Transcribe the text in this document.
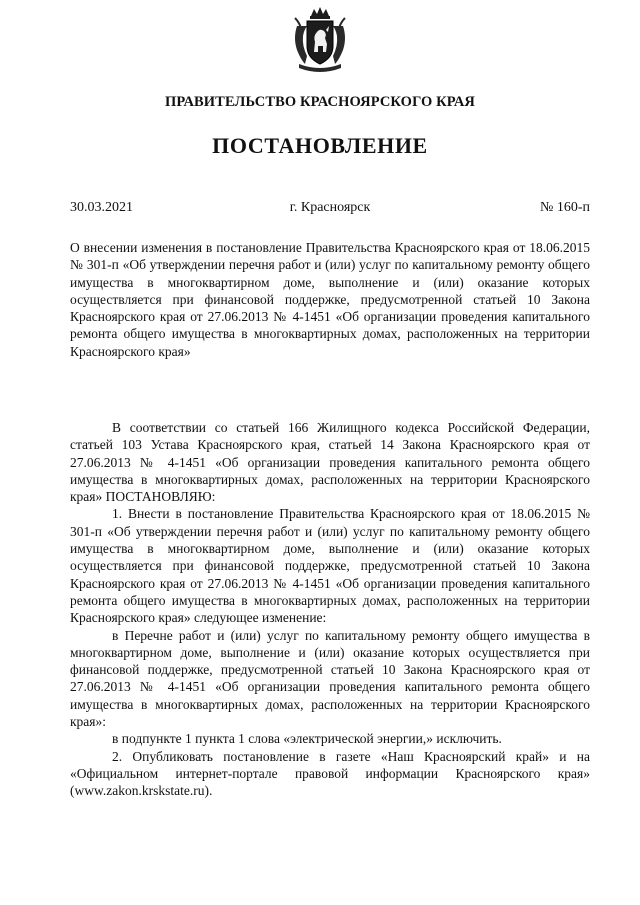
ПРАВИТЕЛЬСТВО КРАСНОЯРСКОГО КРАЯ
ПОСТАНОВЛЕНИЕ
г. Красноярск
30.03.2021	№ 160-п
О внесении изменения в постановление Правительства Красноярского края от 18.06.2015 № 301-п «Об утверждении перечня работ и (или) услуг по капитальному ремонту общего имущества в многоквартирном доме, выполнение и (или) оказание которых осуществляется при финансовой поддержке, предусмотренной статьей 10 Закона Красноярского края от 27.06.2013 № 4-1451 «Об организации проведения капитального ремонта общего имущества в многоквартирных домах, расположенных на территории Красноярского края»

В соответствии со статьей 166 Жилищного кодекса Российской Федерации, статьей 103 Устава Красноярского края, статьей 14 Закона Красноярского края от 27.06.2013 № 4-1451 «Об организации проведения капитального ремонта общего имущества в многоквартирных домах, расположенных на территории Красноярского края» ПОСТАНОВЛЯЮ:

1. Внести в постановление Правительства Красноярского края от 18.06.2015 № 301-п «Об утверждении перечня работ и (или) услуг по капитальному ремонту общего имущества в многоквартирном доме, выполнение и (или) оказание которых осуществляется при финансовой поддержке, предусмотренной статьей 10 Закона Красноярского края от 27.06.2013 № 4-1451 «Об организации проведения капитального ремонта общего имущества в многоквартирных домах, расположенных на территории Красноярского края» следующее изменение:

в Перечне работ и (или) услуг по капитальному ремонту общего имущества в многоквартирном доме, выполнение и (или) оказание которых осуществляется при финансовой поддержке, предусмотренной статьей 10 Закона Красноярского края от 27.06.2013 № 4-1451 «Об организации проведения капитального ремонта общего имущества в многоквартирных домах, расположенных на территории Красноярского края»:

в подпункте 1 пункта 1 слова «электрической энергии,» исключить.

2. Опубликовать постановление в газете «Наш Красноярский край» и на «Официальном интернет-портале правовой информации Красноярского края» (www.zakon.krskstate.ru).
